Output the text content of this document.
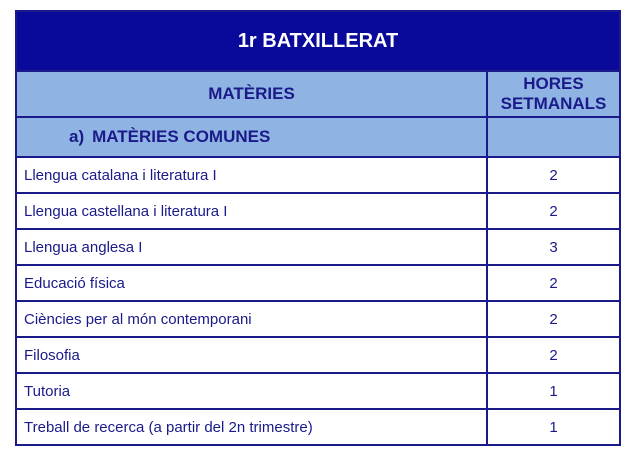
1r BATXILLERAT	
MATÈRIES	HORES
SETMANALS
a) MATÈRIES COMUNES	
Llengua catalana i literatura I	2
Llengua castellana i literatura I	2
Llengua anglesa I	3
Educació física	2
Ciències per al món contemporani	2
Filosofia	2
Tutoria	1
Treball de recerca (a partir del 2n trimestre)	1
